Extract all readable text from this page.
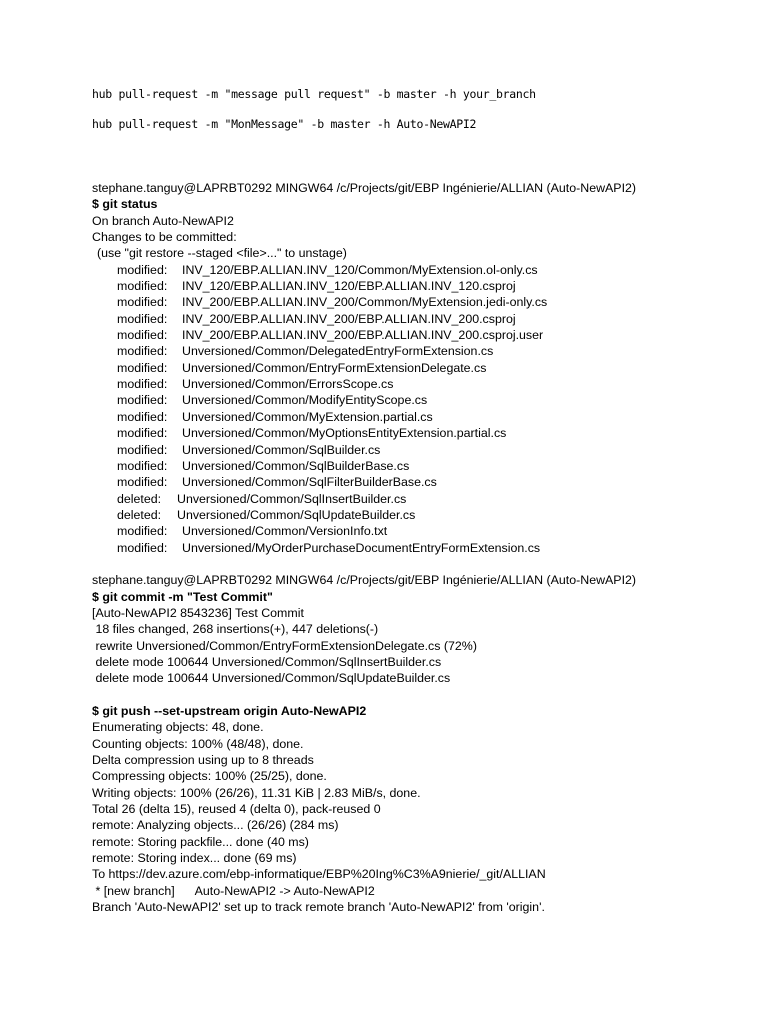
hub pull-request -m "message pull request" -b master -h your_branch
hub pull-request -m "MonMessage" -b master -h Auto-NewAPI2
stephane.tanguy@LAPRBT0292 MINGW64 /c/Projects/git/EBP Ingénierie/ALLIAN (Auto-NewAPI2)
$ git status
On branch Auto-NewAPI2
Changes to be committed:
(use "git restore --staged <file>..." to unstage)
modified: INV_120/EBP.ALLIAN.INV_120/Common/MyExtension.ol-only.cs
modified: INV_120/EBP.ALLIAN.INV_120/EBP.ALLIAN.INV_120.csproj
modified: INV_200/EBP.ALLIAN.INV_200/Common/MyExtension.jedi-only.cs
modified: INV_200/EBP.ALLIAN.INV_200/EBP.ALLIAN.INV_200.csproj
modified: INV_200/EBP.ALLIAN.INV_200/EBP.ALLIAN.INV_200.csproj.user
modified: Unversioned/Common/DelegatedEntryFormExtension.cs
modified: Unversioned/Common/EntryFormExtensionDelegate.cs
modified: Unversioned/Common/ErrorsScope.cs
modified: Unversioned/Common/ModifyEntityScope.cs
modified: Unversioned/Common/MyExtension.partial.cs
modified: Unversioned/Common/MyOptionsEntityExtension.partial.cs
modified: Unversioned/Common/SqlBuilder.cs
modified: Unversioned/Common/SqlBuilderBase.cs
modified: Unversioned/Common/SqlFilterBuilderBase.cs
deleted: Unversioned/Common/SqlInsertBuilder.cs
deleted: Unversioned/Common/SqlUpdateBuilder.cs
modified: Unversioned/Common/VersionInfo.txt
modified: Unversioned/MyOrderPurchaseDocumentEntryFormExtension.cs
stephane.tanguy@LAPRBT0292 MINGW64 /c/Projects/git/EBP Ingénierie/ALLIAN (Auto-NewAPI2)
$ git commit -m "Test Commit"
[Auto-NewAPI2 8543236] Test Commit
18 files changed, 268 insertions(+), 447 deletions(-)
rewrite Unversioned/Common/EntryFormExtensionDelegate.cs (72%)
delete mode 100644 Unversioned/Common/SqlInsertBuilder.cs
delete mode 100644 Unversioned/Common/SqlUpdateBuilder.cs
$ git push --set-upstream origin Auto-NewAPI2
Enumerating objects: 48, done.
Counting objects: 100% (48/48), done.
Delta compression using up to 8 threads
Compressing objects: 100% (25/25), done.
Writing objects: 100% (26/26), 11.31 KiB | 2.83 MiB/s, done.
Total 26 (delta 15), reused 4 (delta 0), pack-reused 0
remote: Analyzing objects... (26/26) (284 ms)
remote: Storing packfile... done (40 ms)
remote: Storing index... done (69 ms)
To https://dev.azure.com/ebp-informatique/EBP%20Ing%C3%A9nierie/_git/ALLIAN
* [new branch]      Auto-NewAPI2 -> Auto-NewAPI2
Branch 'Auto-NewAPI2' set up to track remote branch 'Auto-NewAPI2' from 'origin'.
